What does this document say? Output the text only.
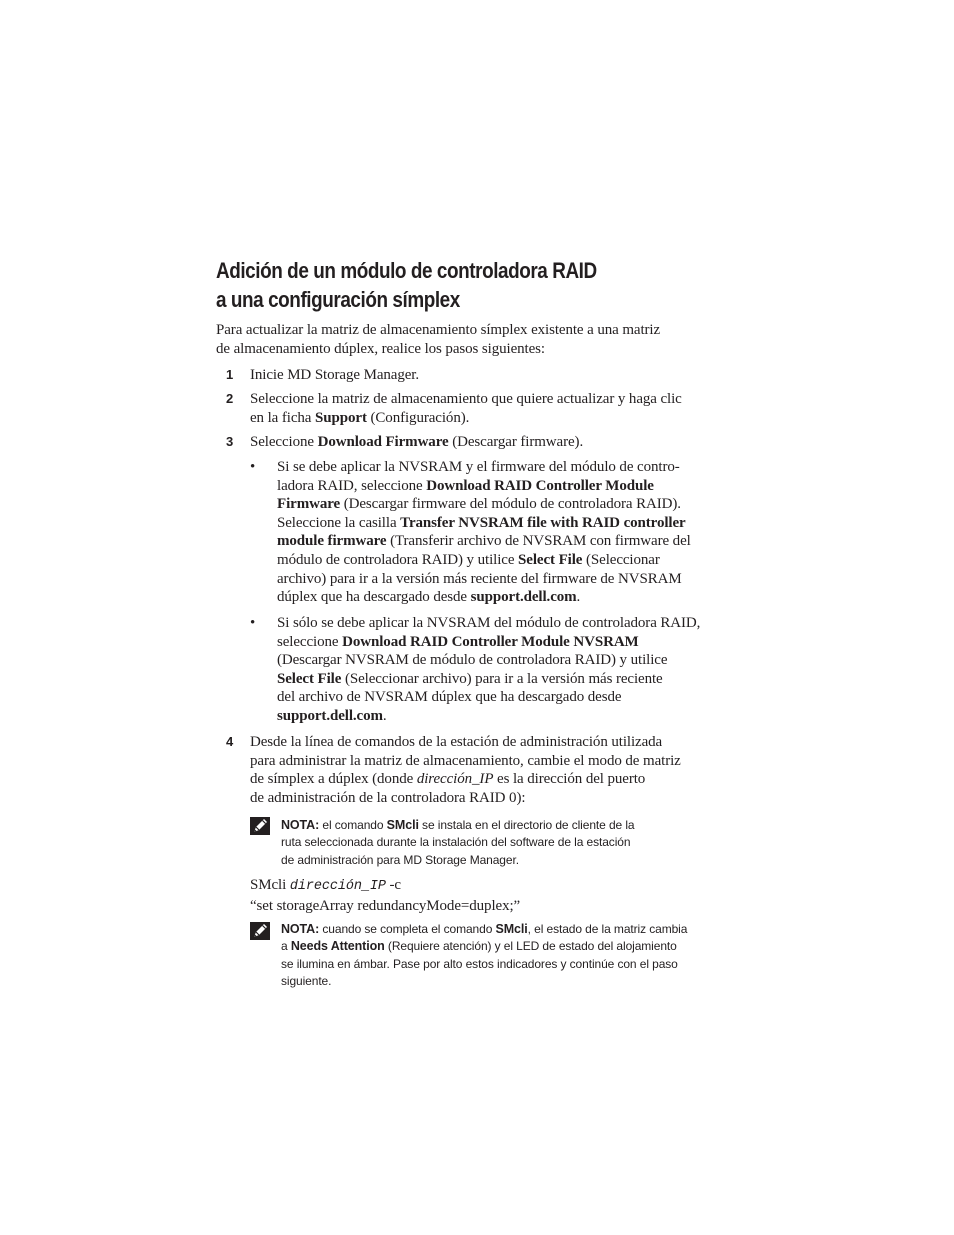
Adición de un módulo de controladora RAID
a una configuración símplex

Para actualizar la matriz de almacenamiento símplex existente a una matriz
de almacenamiento dúplex, realice los pasos siguientes:

1 Inicie MD Storage Manager.

2 Seleccione la matriz de almacenamiento que quiere actualizar y haga clic
en la ficha Support (Configuración).

3 Seleccione Download Firmware (Descargar firmware).

• Si se debe aplicar la NVSRAM y el firmware del módulo de contro-
ladora RAID, seleccione Download RAID Controller Module
Firmware (Descargar firmware del módulo de controladora RAID).
Seleccione la casilla Transfer NVSRAM file with RAID controller
module firmware (Transferir archivo de NVSRAM con firmware del
módulo de controladora RAID) y utilice Select File (Seleccionar
archivo) para ir a la versión más reciente del firmware de NVSRAM
dúplex que ha descargado desde support.dell.com.

• Si sólo se debe aplicar la NVSRAM del módulo de controladora RAID,
seleccione Download RAID Controller Module NVSRAM
(Descargar NVSRAM de módulo de controladora RAID) y utilice
Select File (Seleccionar archivo) para ir a la versión más reciente
del archivo de NVSRAM dúplex que ha descargado desde
support.dell.com.

4 Desde la línea de comandos de la estación de administración utilizada
para administrar la matriz de almacenamiento, cambie el modo de matriz
de símplex a dúplex (donde dirección_IP es la dirección del puerto
de administración de la controladora RAID 0):

NOTA: el comando SMcli se instala en el directorio de cliente de la
ruta seleccionada durante la instalación del software de la estación
de administración para MD Storage Manager.

SMcli dirección_IP -c
“set storageArray redundancyMode=duplex;”

NOTA: cuando se completa el comando SMcli, el estado de la matriz cambia
a Needs Attention (Requiere atención) y el LED de estado del alojamiento
se ilumina en ámbar. Pase por alto estos indicadores y continúe con el paso
siguiente.
